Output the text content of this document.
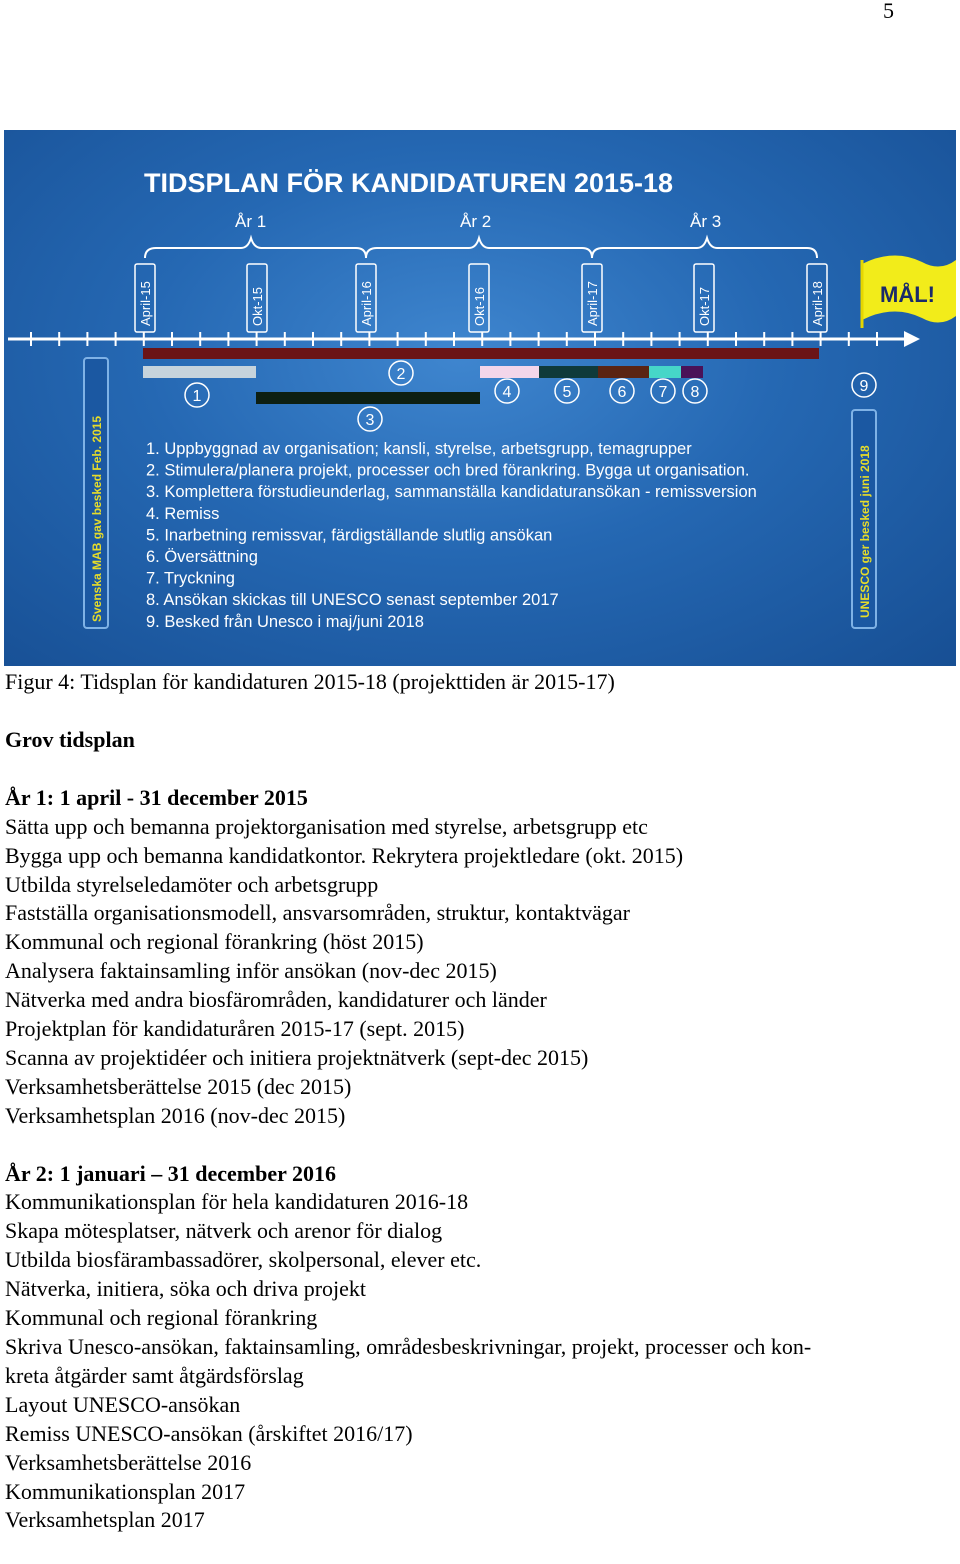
5
TIDSPLAN FÖR KANDIDATUREN 2015-18
År 1	År 2	År 3
April-15	Okt-15	April-16	Okt-16	April-17	Okt-17	April-18	MÅL!
1
2
3
4	5	6 7 8	9
Svenska MAB gav besked Feb. 2015	UNESCO ger besked juni 2018
1. Uppbyggnad av organisation; kansli, styrelse, arbetsgrupp, temagrupper
2. Stimulera/planera projekt, processer och bred förankring. Bygga ut organisation.
3. Komplettera förstudieunderlag, sammanställa kandidaturansökan - remissversion
4. Remiss
5. Inarbetning remissvar, färdigställande slutlig ansökan
6. Översättning
7. Tryckning
8. Ansökan skickas till UNESCO senast september 2017
9. Besked från Unesco i maj/juni 2018
Figur 4: Tidsplan för kandidaturen 2015-18 (projekttiden är 2015-17)
Grov tidsplan
År 1: 1 april - 31 december 2015

Sätta upp och bemanna projektorganisation med styrelse, arbetsgrupp etc

Bygga upp och bemanna kandidatkontor. Rekrytera projektledare (okt. 2015)

Utbilda styrelseledamöter och arbetsgrupp

Fastställa organisationsmodell, ansvarsområden, struktur, kontaktvägar

Kommunal och regional förankring (höst 2015)

Analysera faktainsamling inför ansökan (nov-dec 2015)

Nätverka med andra biosfärområden, kandidaturer och länder

Projektplan för kandidaturåren 2015-17 (sept. 2015)

Scanna av projektidéer och initiera projektnätverk (sept-dec 2015)

Verksamhetsberättelse 2015 (dec 2015)

Verksamhetsplan 2016 (nov-dec 2015)

År 2: 1 januari – 31 december 2016

Kommunikationsplan för hela kandidaturen 2016-18

Skapa mötesplatser, nätverk och arenor för dialog

Utbilda biosfärambassadörer, skolpersonal, elever etc.

Nätverka, initiera, söka och driva projekt

Kommunal och regional förankring

Skriva Unesco-ansökan, faktainsamling, områdesbeskrivningar, projekt, processer och kon-

kreta åtgärder samt åtgärdsförslag

Layout UNESCO-ansökan

Remiss UNESCO-ansökan (årskiftet 2016/17)

Verksamhetsberättelse 2016

Kommunikationsplan 2017

Verksamhetsplan 2017
